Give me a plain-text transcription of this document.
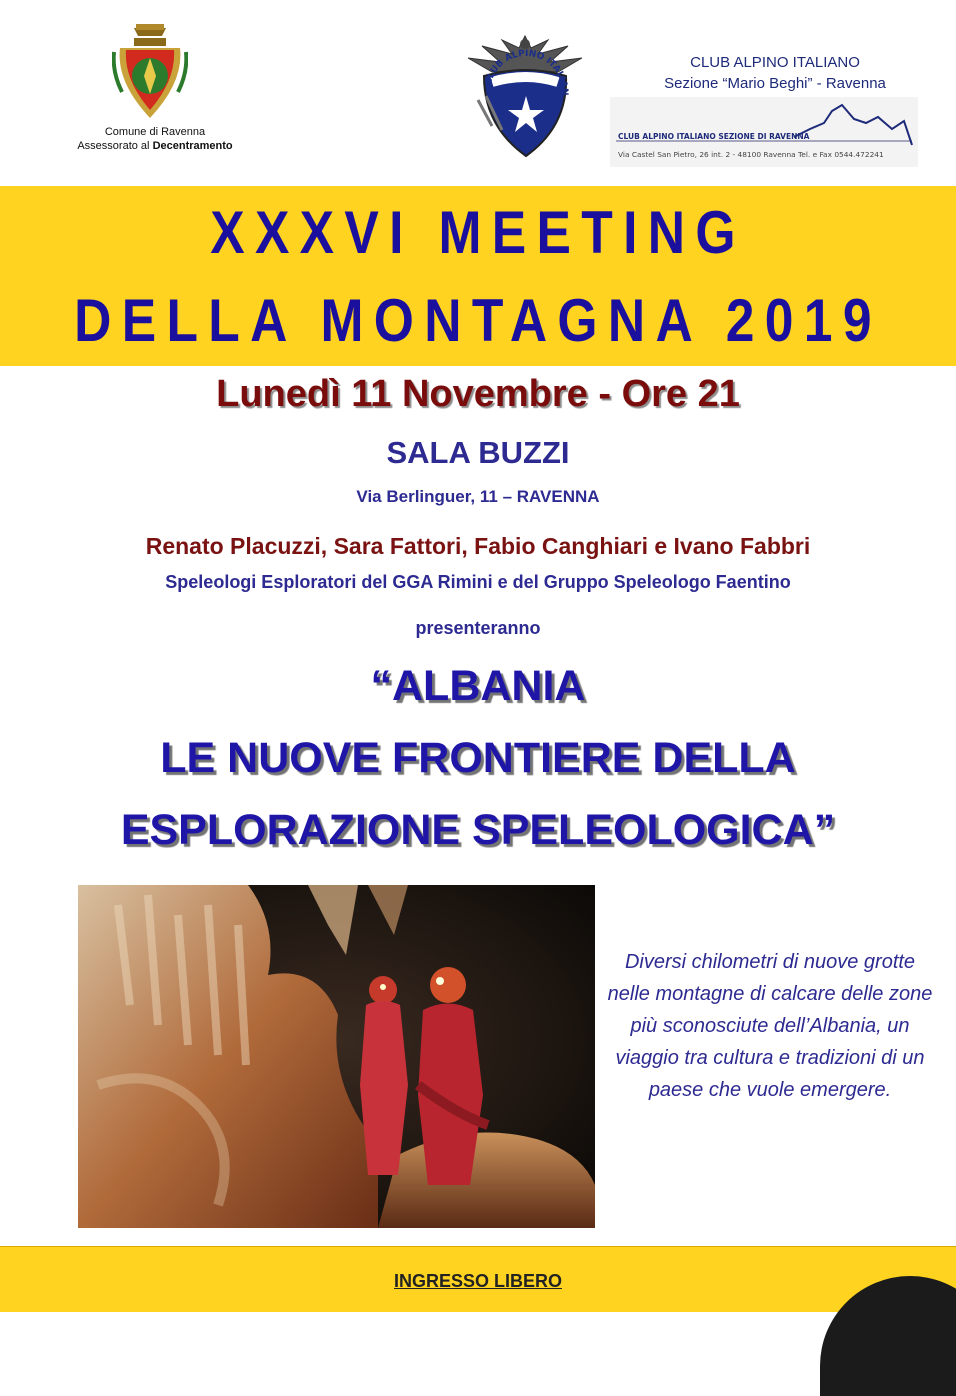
Comune di Ravenna
Assessorato al Decentramento
CLUB ALPINO ITALIAN
CLUB ALPINO ITALIANO
Sezione “Mario Beghi” - Ravenna
CLUB ALPINO ITALIANO SEZIONE DI RAVENNA
Via Castel San Pietro, 26 int. 2 - 48100 Ravenna Tel. e Fax 0544.472241
XXXVI MEETING
DELLA MONTAGNA 2019
Lunedì 11 Novembre - Ore 21
SALA BUZZI
Via Berlinguer, 11 – RAVENNA
Renato Placuzzi, Sara Fattori, Fabio Canghiari e Ivano Fabbri
Speleologi Esploratori del GGA Rimini e del Gruppo Speleologo Faentino
presenteranno
“ALBANIA
LE NUOVE FRONTIERE DELLA
ESPLORAZIONE SPELEOLOGICA”
Diversi chilometri di nuove grotte nelle montagne di calcare delle zone più sconosciute dell’Albania, un viaggio tra cultura e tradizioni di un paese che vuole emergere.
INGRESSO LIBERO
